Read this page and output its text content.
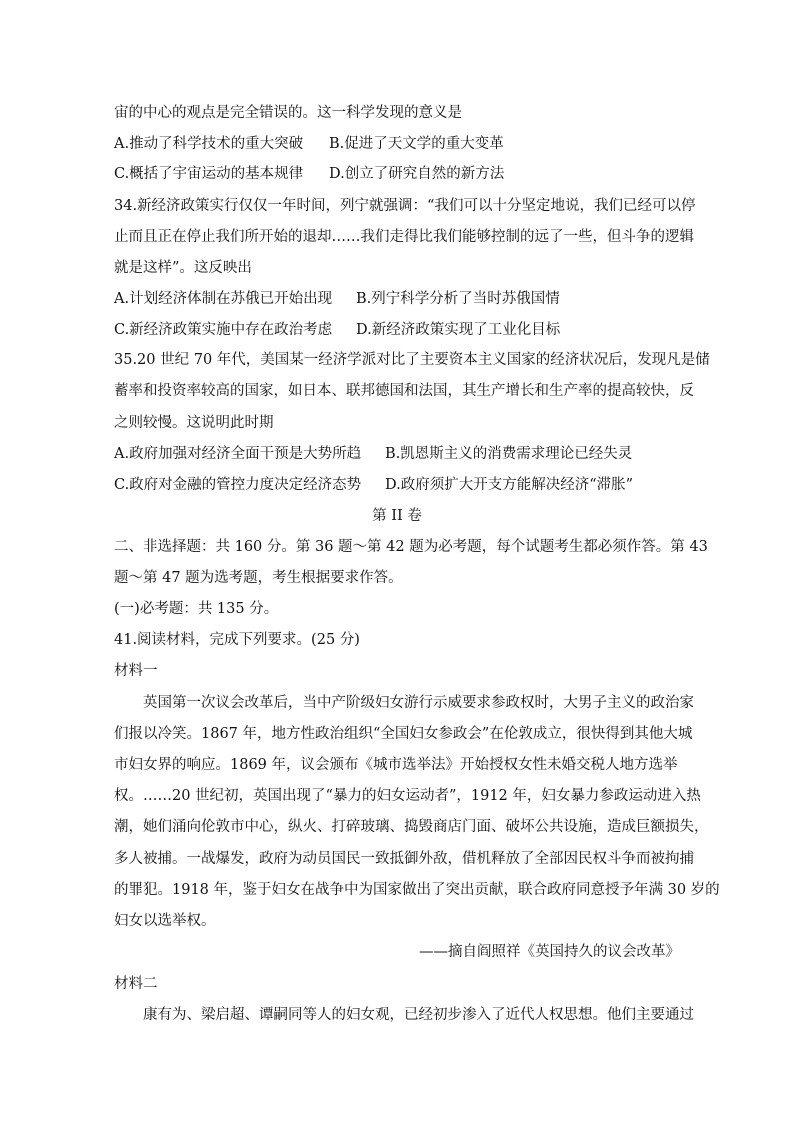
宙的中心的观点是完全错误的。这一科学发现的意义是
A.推动了科学技术的重大突破 B.促进了天文学的重大变革
C.概括了宇宙运动的基本规律 D.创立了研究自然的新方法
34.新经济政策实行仅仅一年时间，列宁就强调：“我们可以十分坚定地说，我们已经可以停
止而且正在停止我们所开始的退却……我们走得比我们能够控制的远了一些，但斗争的逻辑
就是这样”。这反映出
A.计划经济体制在苏俄已开始出现 B.列宁科学分析了当时苏俄国情
C.新经济政策实施中存在政治考虑 D.新经济政策实现了工业化目标
35.20 世纪 70 年代，美国某一经济学派对比了主要资本主义国家的经济状况后，发现凡是储
蓄率和投资率较高的国家，如日本、联邦德国和法国，其生产增长和生产率的提高较快，反
之则较慢。这说明此时期
A.政府加强对经济全面干预是大势所趋 B.凯恩斯主义的消费需求理论已经失灵
C.政府对金融的管控力度决定经济态势 D.政府须扩大开支方能解决经济“滞胀”
第 II 卷
二、非选择题：共 160 分。第 36 题～第 42 题为必考题，每个试题考生都必须作答。第 43
题～第 47 题为选考题，考生根据要求作答。
(一)必考题：共 135 分。
41.阅读材料，完成下列要求。(25 分)
材料一
英国第一次议会改革后，当中产阶级妇女游行示威要求参政权时，大男子主义的政治家
们报以冷笑。1867 年，地方性政治组织“全国妇女参政会”在伦敦成立，很快得到其他大城
市妇女界的响应。1869 年，议会颁布《城市选举法》开始授权女性未婚交税人地方选举
权。……20 世纪初，英国出现了“暴力的妇女运动者”，1912 年，妇女暴力参政运动进入热
潮，她们涌向伦敦市中心，纵火、打碎玻璃、捣毁商店门面、破坏公共设施，造成巨额损失，
多人被捕。一战爆发，政府为动员国民一致抵御外敌，借机释放了全部因民权斗争而被拘捕
的罪犯。1918 年，鉴于妇女在战争中为国家做出了突出贡献，联合政府同意授予年满 30 岁的
妇女以选举权。
——摘自阎照祥《英国持久的议会改革》
材料二
康有为、梁启超、谭嗣同等人的妇女观，已经初步渗入了近代人权思想。他们主要通过
